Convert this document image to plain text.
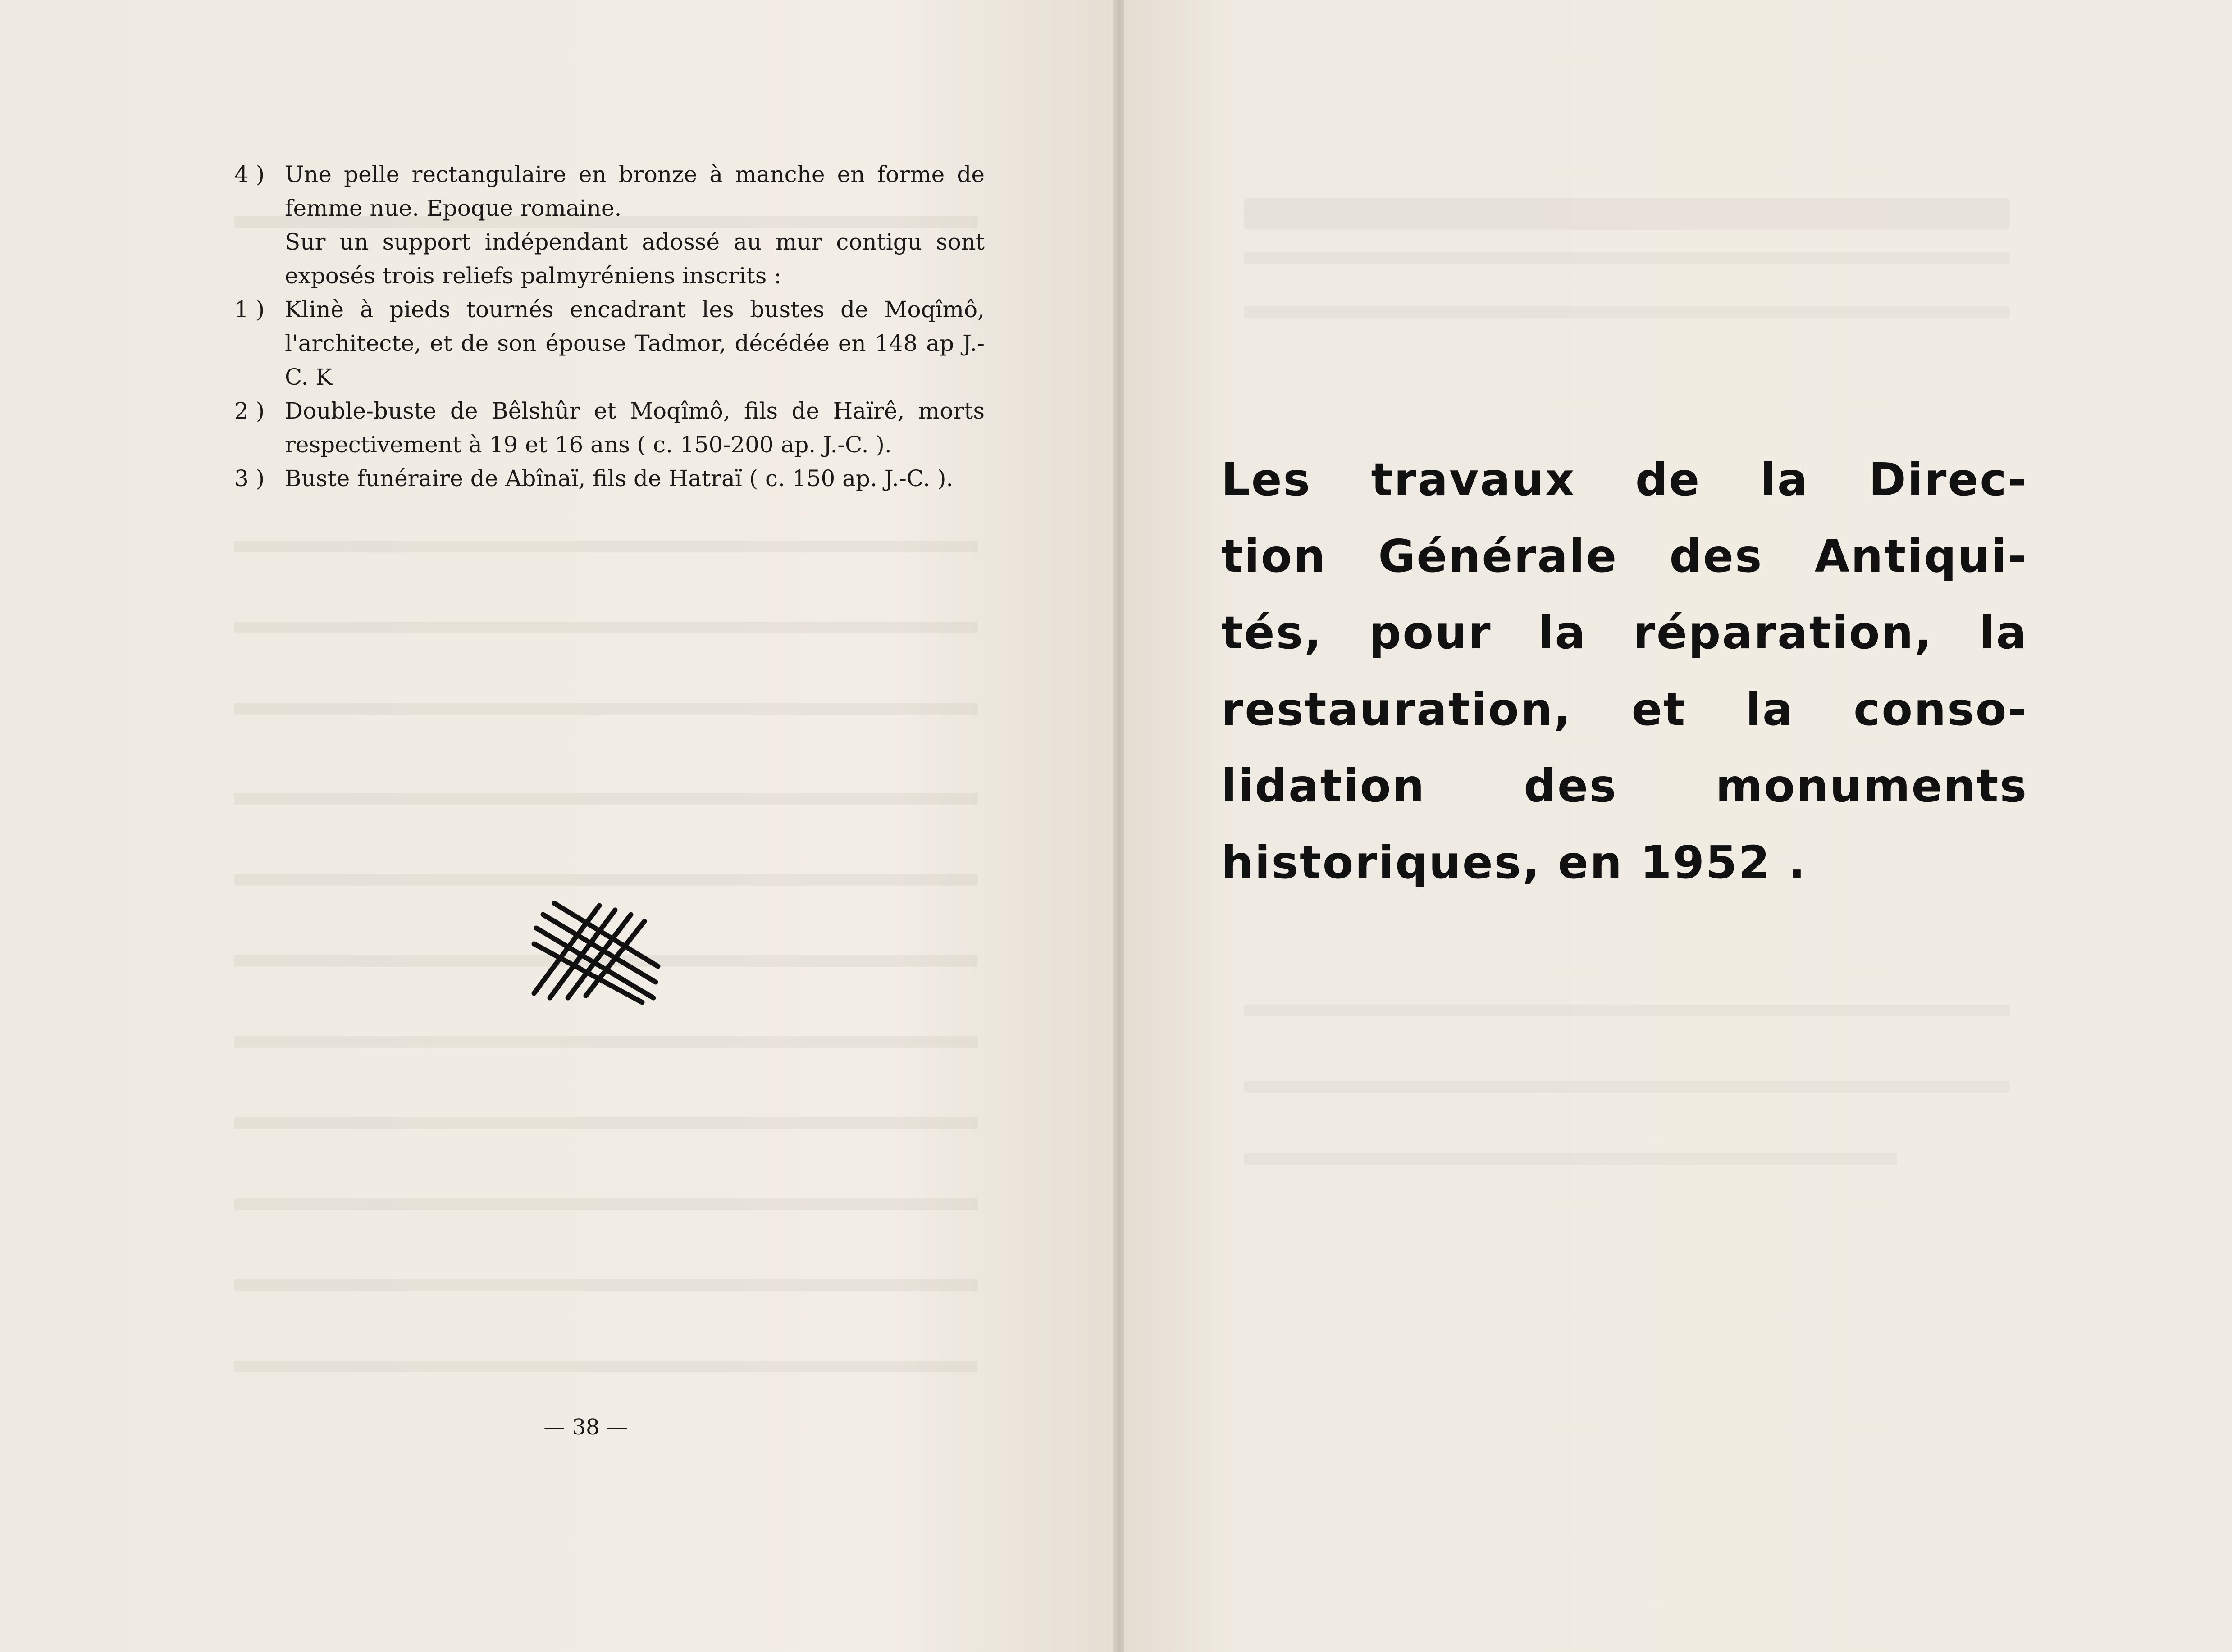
4 ) Une pelle rectangulaire en bronze à manche en forme de femme nue. Epoque romaine.
Sur un support indépendant adossé au mur contigu sont exposés trois reliefs palmyréniens inscrits :
1 ) Klinè à pieds tournés encadrant les bustes de Moqîmô, l'architecte, et de son épouse Tadmor, décédée en 148 ap J.-C. K
2 ) Double-buste de Bêlshûr et Moqîmô, fils de Haïrê, morts respectivement à 19 et 16 ans ( c. 150-200 ap. J.-C. ).
3 ) Buste funéraire de Abînaï, fils de Hatraï ( c. 150 ap. J.-C. ).
— 38 —
Les travaux de la Direc-
tion Générale des Antiqui-
tés, pour la réparation, la
restauration, et la conso-
lidation des monuments
historiques, en 1952 .
